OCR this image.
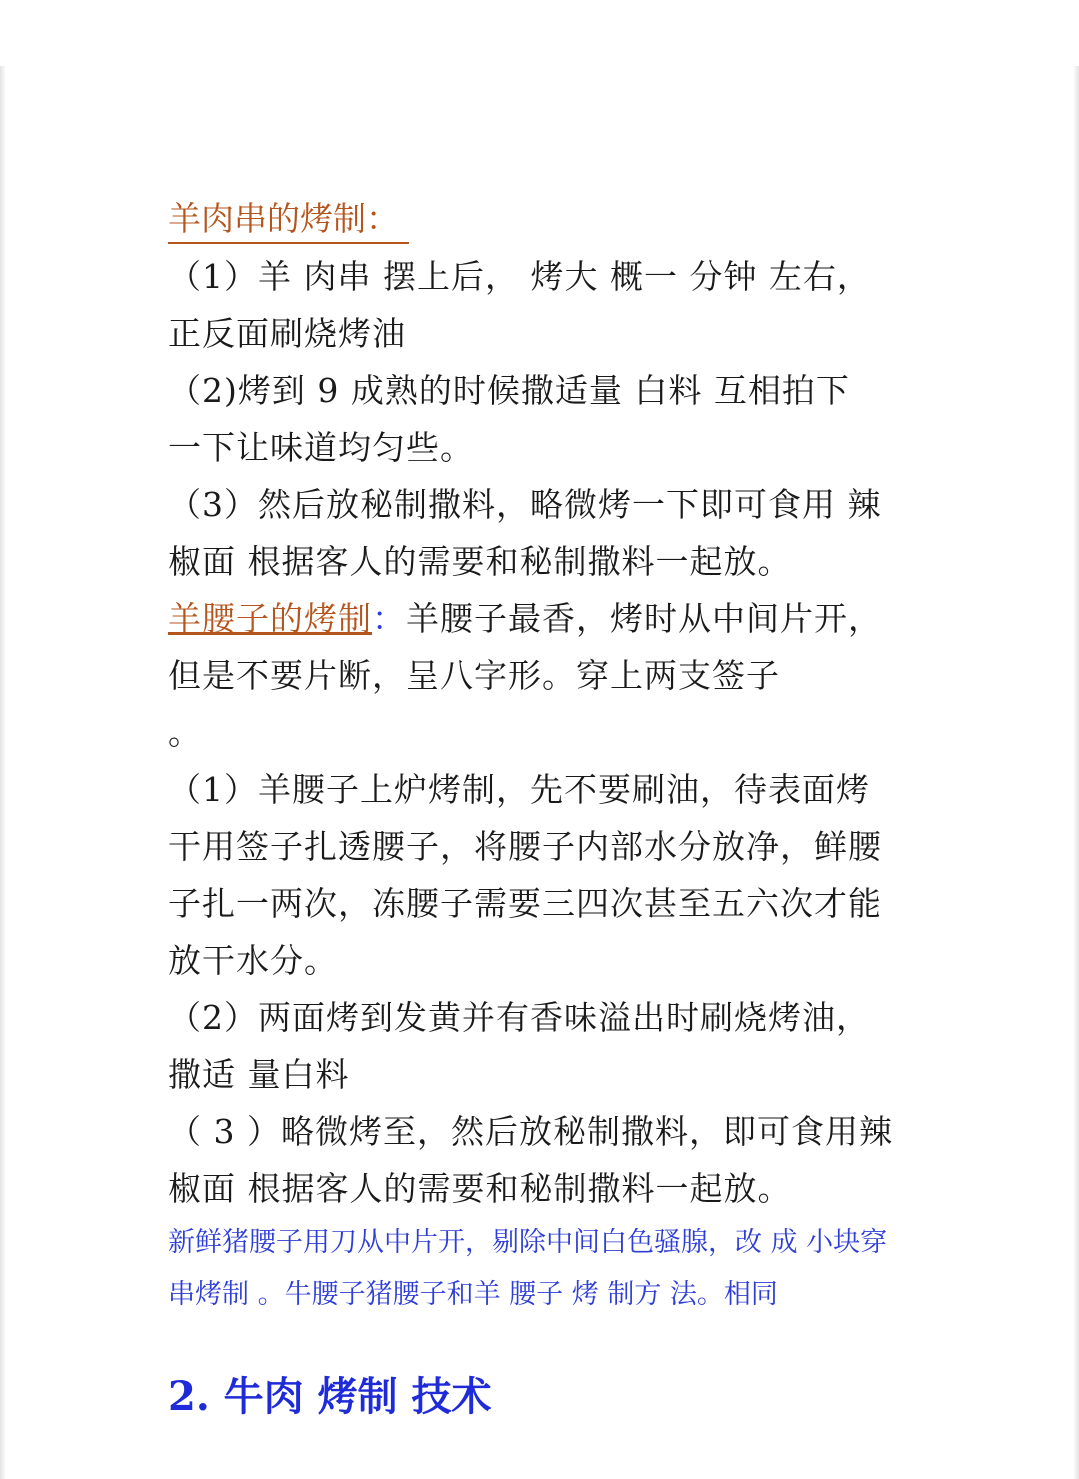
羊肉串的烤制：
（1）羊 肉串 摆上后， 烤大 概一 分钟 左右，
正反面刷烧烤油
（2)烤到 9 成熟的时候撒适量 白料 互相拍下
一下让味道均匀些。
（3）然后放秘制撒料，略微烤一下即可食用 辣
椒面 根据客人的需要和秘制撒料一起放。
羊腰子的烤制：羊腰子最香，烤时从中间片开，
但是不要片断，呈八字形。穿上两支签子
。
（1）羊腰子上炉烤制，先不要刷油，待表面烤
干用签子扎透腰子，将腰子内部水分放净，鲜腰
子扎一两次，冻腰子需要三四次甚至五六次才能
放干水分。
（2）两面烤到发黄并有香味溢出时刷烧烤油，
撒适 量白料
（ 3 ）略微烤至，然后放秘制撒料，即可食用辣
椒面 根据客人的需要和秘制撒料一起放。
新鲜猪腰子用刀从中片开，剔除中间白色骚腺，改 成 小块穿
串烤制 。牛腰子猪腰子和羊 腰子 烤 制方 法。相同
2. 牛肉 烤制 技术
